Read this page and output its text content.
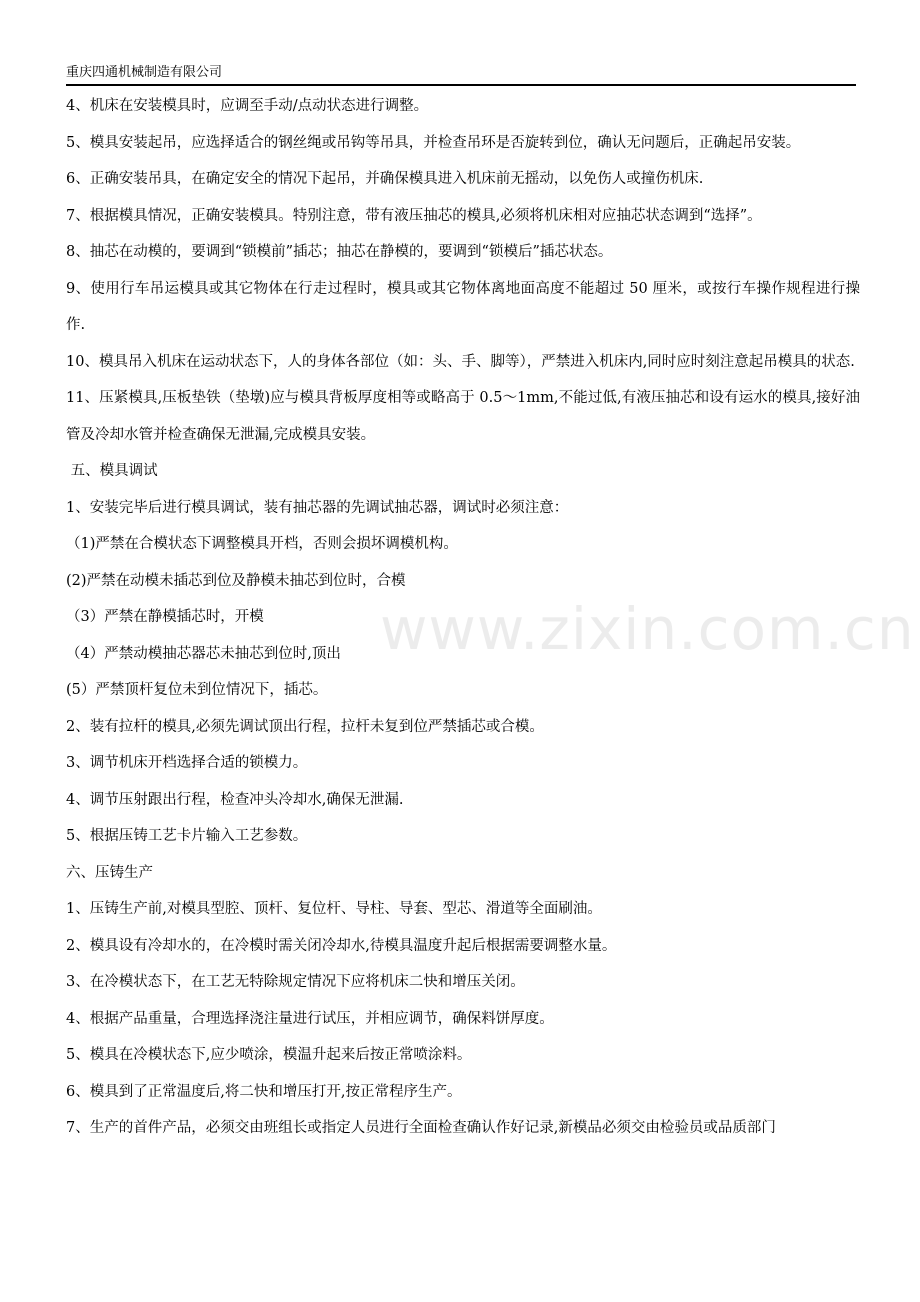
重庆四通机械制造有限公司
www.zixin.com.cn

4、机床在安装模具时，应调至手动/点动状态进行调整。

5、模具安装起吊，应选择适合的钢丝绳或吊钩等吊具，并检查吊环是否旋转到位，确认无问题后，正确起吊安装。

6、正确安装吊具，在确定安全的情况下起吊，并确保模具进入机床前无摇动，以免伤人或撞伤机床.

7、根据模具情况，正确安装模具。特别注意，带有液压抽芯的模具,必须将机床相对应抽芯状态调到“选择”。

8、抽芯在动模的，要调到“锁模前”插芯；抽芯在静模的，要调到“锁模后”插芯状态。

9、使用行车吊运模具或其它物体在行走过程时，模具或其它物体离地面高度不能超过 50 厘米，或按行车操作规程进行操作.

10、模具吊入机床在运动状态下，人的身体各部位（如：头、手、脚等），严禁进入机床内,同时应时刻注意起吊模具的状态.

11、压紧模具,压板垫铁（垫墩)应与模具背板厚度相等或略高于 0.5～1mm,不能过低,有液压抽芯和设有运水的模具,接好油管及冷却水管并检查确保无泄漏,完成模具安装。

五、模具调试

1、安装完毕后进行模具调试，装有抽芯器的先调试抽芯器，调试时必须注意：

（1)严禁在合模状态下调整模具开档，否则会损坏调模机构。

(2)严禁在动模未插芯到位及静模未抽芯到位时，合模

（3）严禁在静模插芯时，开模

（4）严禁动模抽芯器芯未抽芯到位时,顶出

(5）严禁顶杆复位未到位情况下，插芯。

2、装有拉杆的模具,必须先调试顶出行程，拉杆未复到位严禁插芯或合模。

3、调节机床开档选择合适的锁模力。

4、调节压射跟出行程，检查冲头冷却水,确保无泄漏.

5、根据压铸工艺卡片输入工艺参数。

六、压铸生产

1、压铸生产前,对模具型腔、顶杆、复位杆、导柱、导套、型芯、滑道等全面刷油。

2、模具设有冷却水的，在冷模时需关闭冷却水,待模具温度升起后根据需要调整水量。

3、在冷模状态下，在工艺无特除规定情况下应将机床二快和增压关闭。

4、根据产品重量，合理选择浇注量进行试压，并相应调节，确保料饼厚度。

5、模具在冷模状态下,应少喷涂，模温升起来后按正常喷涂料。

6、模具到了正常温度后,将二快和增压打开,按正常程序生产。

7、生产的首件产品，必须交由班组长或指定人员进行全面检查确认作好记录,新模品必须交由检验员或品质部门
